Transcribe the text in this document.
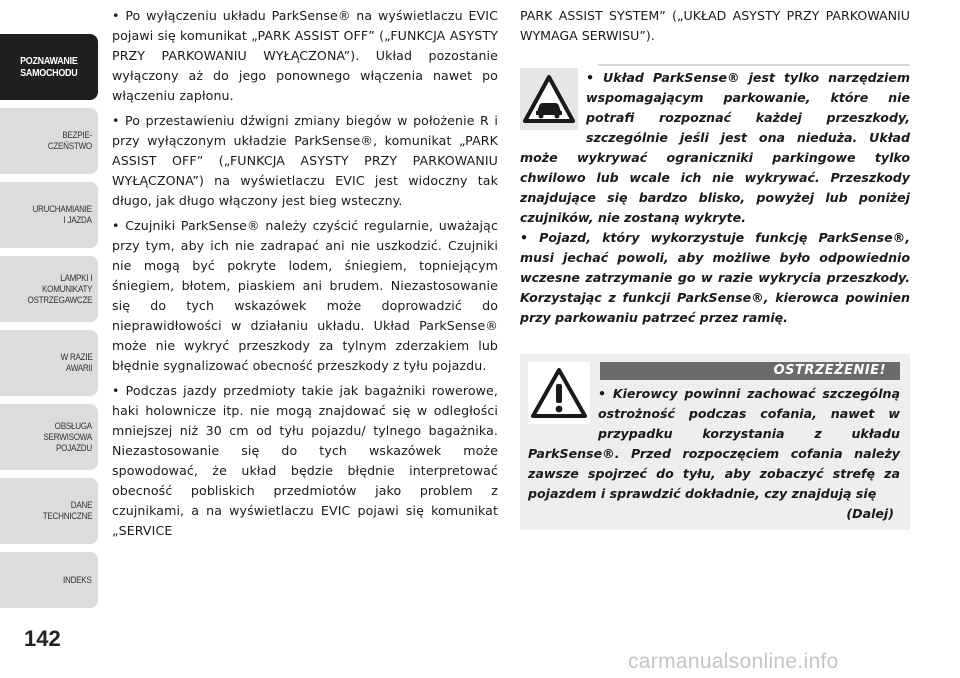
POZNAWANIE
SAMOCHODU
BEZPIE-
CZEŃSTWO
URUCHAMIANIE
I JAZDA
LAMPKI I
KOMUNIKATY
OSTRZEGAWCZE
W RAZIE
AWARII
OBSŁUGA
SERWISOWA
POJAZDU
DANE
TECHNICZNE
INDEKS
142

• Po wyłączeniu układu ParkSense® na wyświetlaczu EVIC pojawi się komunikat „PARK ASSIST OFF” („FUNKCJA ASYSTY PRZY PARKOWANIU WYŁĄCZONA”). Układ pozostanie wyłączony aż do jego ponownego włączenia nawet po włączeniu zapłonu.

• Po przestawieniu dźwigni zmiany biegów w położenie R i przy wyłączonym układzie ParkSense®, komunikat „PARK ASSIST OFF” („FUNKCJA ASYSTY PRZY PARKOWANIU WYŁĄCZONA”) na wyświetlaczu EVIC jest widoczny tak długo, jak długo włączony jest bieg wsteczny.

• Czujniki ParkSense® należy czyścić regularnie, uważając przy tym, aby ich nie zadrapać ani nie uszkodzić. Czujniki nie mogą być pokryte lodem, śniegiem, topniejącym śniegiem, błotem, piaskiem ani brudem. Niezastosowanie się do tych wskazówek może doprowadzić do nieprawidłowości w działaniu układu. Układ ParkSense® może nie wykryć przeszkody za tylnym zderzakiem lub błędnie sygnalizować obecność przeszkody z tyłu pojazdu.

• Podczas jazdy przedmioty takie jak bagażniki rowerowe, haki holownicze itp. nie mogą znajdować się w odległości mniejszej niż 30 cm od tyłu pojazdu/ tylnego bagażnika. Niezastosowanie się do tych wskazówek może spowodować, że układ będzie błędnie interpretować obecność pobliskich przedmiotów jako problem z czujnikami, a na wyświetlaczu EVIC pojawi się komunikat „SERVICE

PARK ASSIST SYSTEM” („UKŁAD ASYSTY PRZY PARKOWANIU WYMAGA SERWISU”).

• Układ ParkSense® jest tylko narzędziem wspomagającym parkowanie, które nie potrafi rozpoznać każdej przeszkody, szczególnie jeśli jest ona nieduża. Układ może wykrywać ograniczniki parkingowe tylko chwilowo lub wcale ich nie wykrywać. Przeszkody znajdujące się bardzo blisko, powyżej lub poniżej czujników, nie zostaną wykryte.

• Pojazd, który wykorzystuje funkcję ParkSense®, musi jechać powoli, aby możliwe było odpowiednio wczesne zatrzymanie go w razie wykrycia przeszkody. Korzystając z funkcji ParkSense®, kierowca powinien przy parkowaniu patrzeć przez ramię.

OSTRZEŻENIE!

• Kierowcy powinni zachować szczególną ostrożność podczas cofania, nawet w przypadku korzystania z układu ParkSense®. Przed rozpoczęciem cofania należy zawsze spojrzeć do tyłu, aby zobaczyć strefę za pojazdem i sprawdzić dokładnie, czy znajdują się

(Dalej)
carmanualsonline.info
